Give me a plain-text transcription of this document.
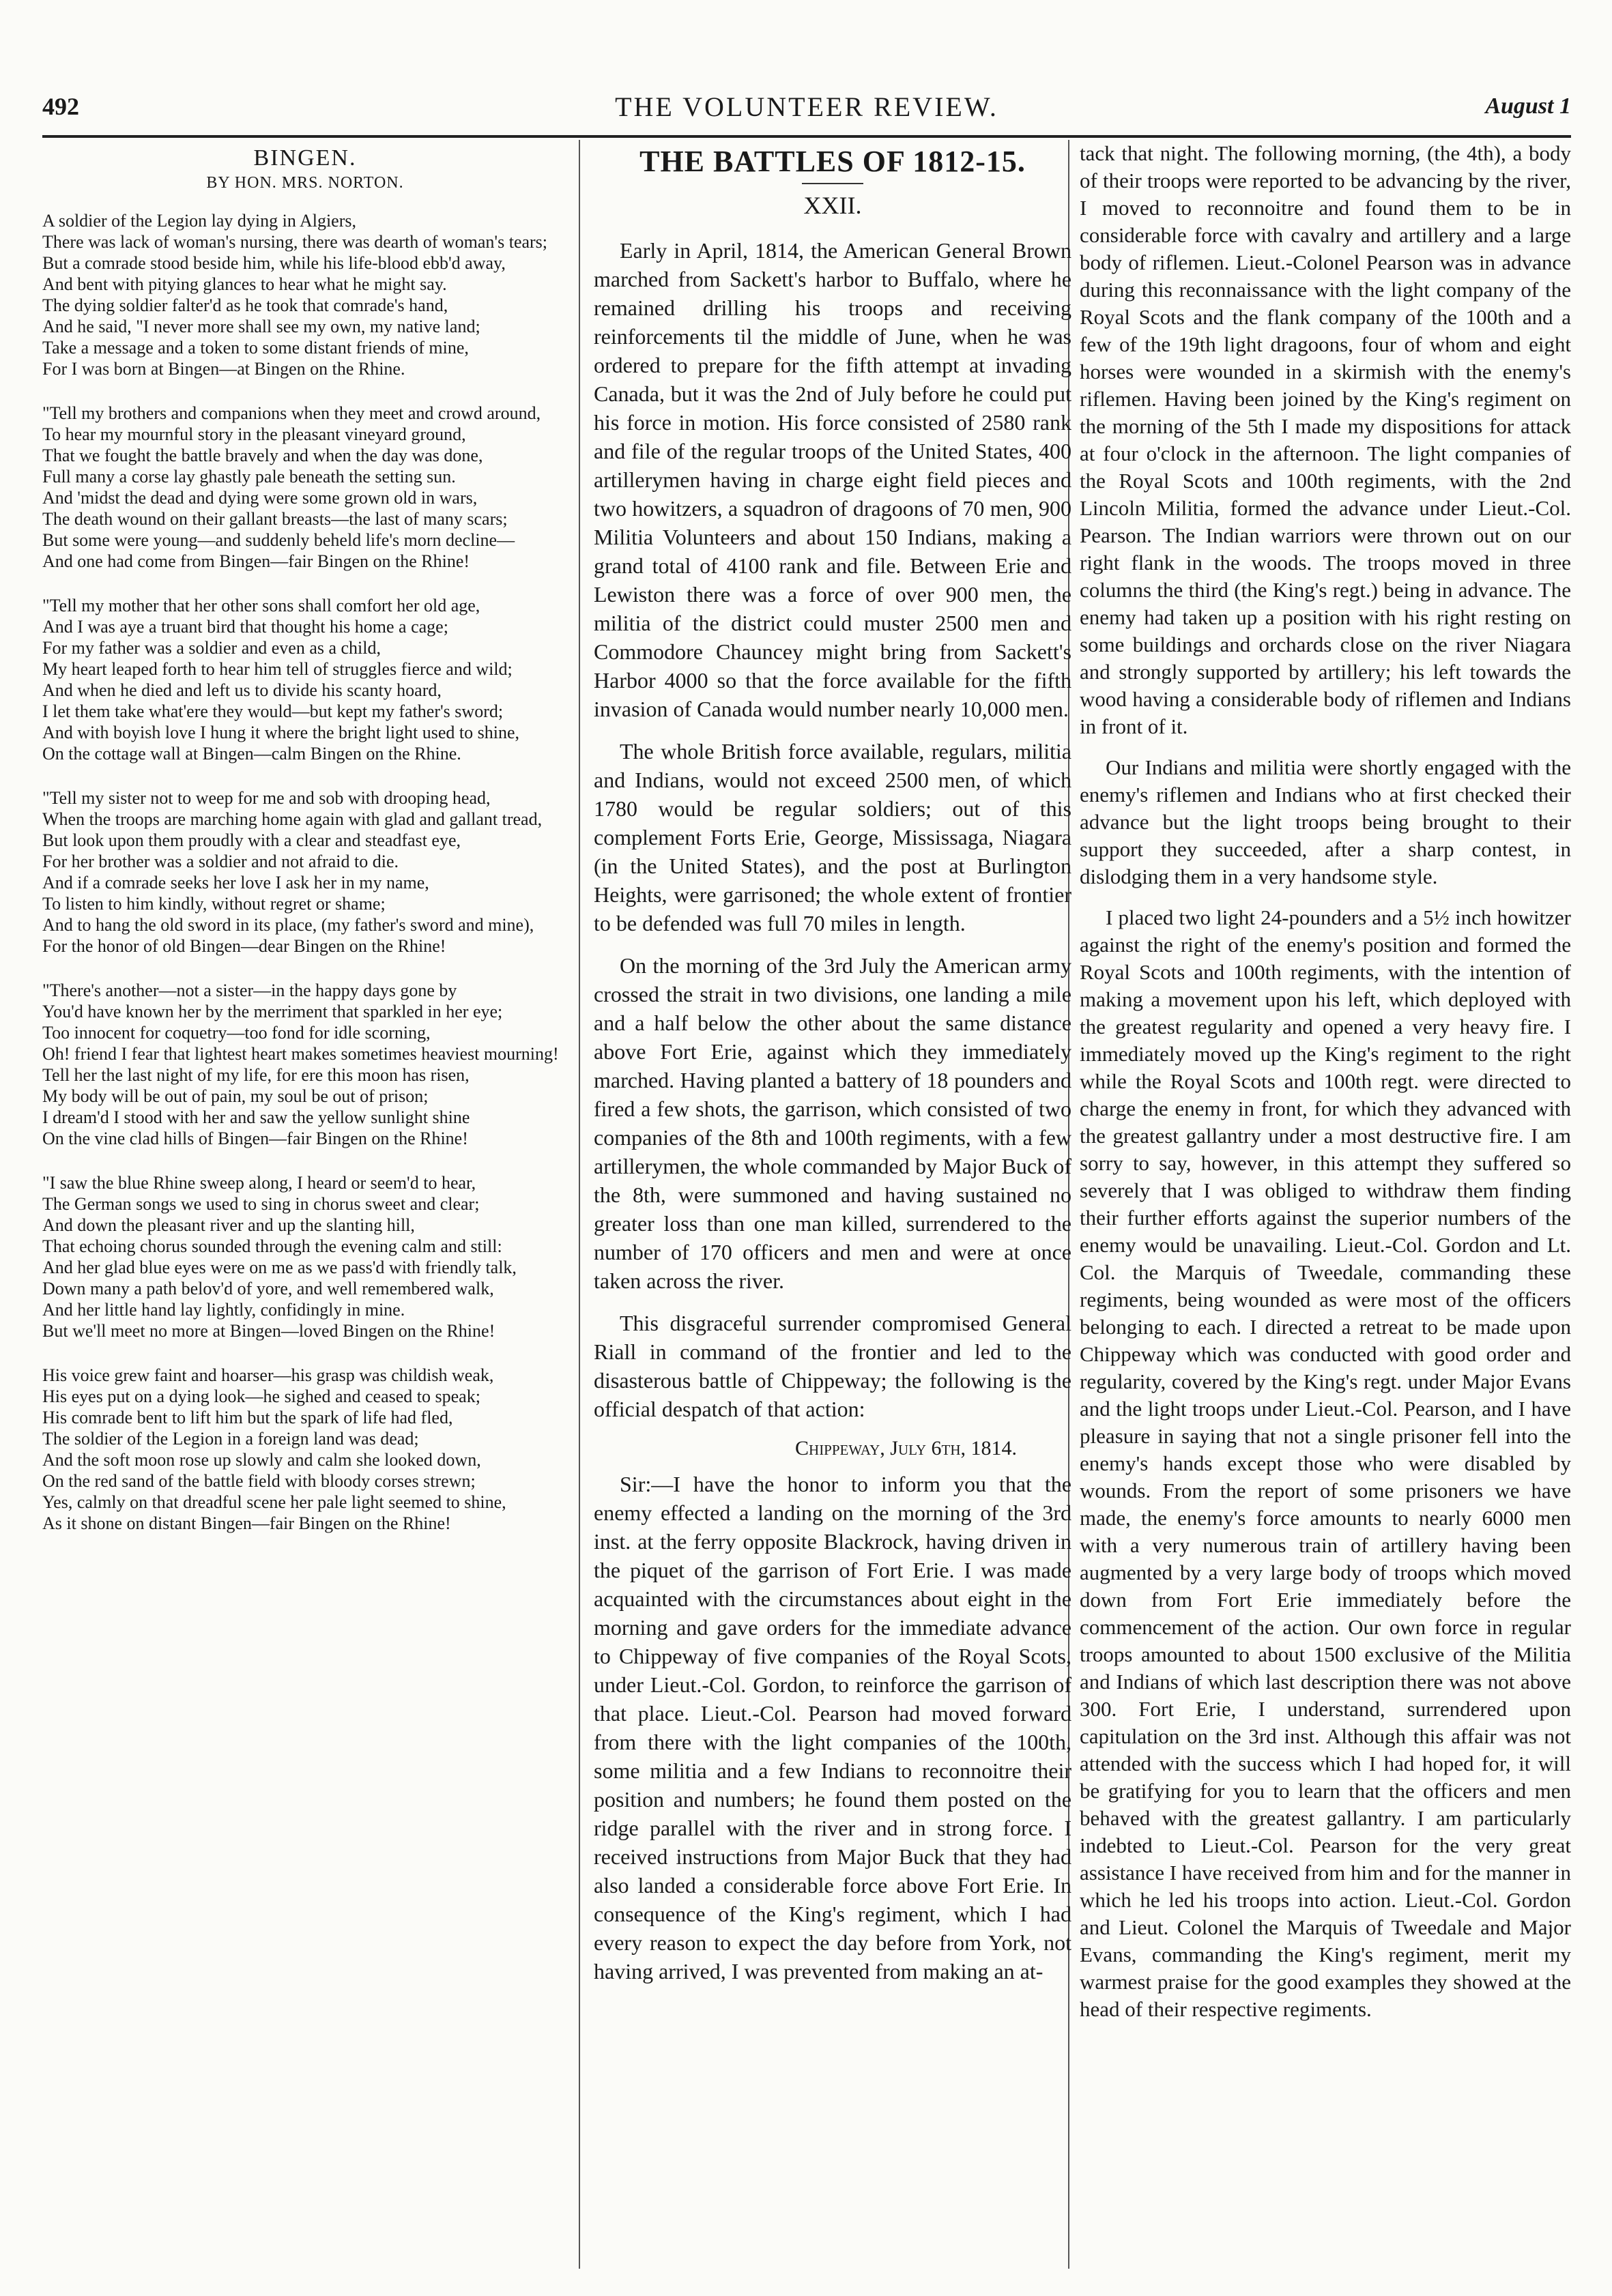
492	THE VOLUNTEER REVIEW.	August 1
BINGEN.
BY HON. MRS. NORTON.

A soldier of the Legion lay dying in Algiers,

There was lack of woman's nursing, there was dearth of woman's tears;

But a comrade stood beside him, while his life-blood ebb'd away,

And bent with pitying glances to hear what he might say.

The dying soldier falter'd as he took that comrade's hand,

And he said, "I never more shall see my own, my native land;

Take a message and a token to some distant friends of mine,

For I was born at Bingen—at Bingen on the Rhine.

"Tell my brothers and companions when they meet and crowd around,

To hear my mournful story in the pleasant vineyard ground,

That we fought the battle bravely and when the day was done,

Full many a corse lay ghastly pale beneath the setting sun.

And 'midst the dead and dying were some grown old in wars,

The death wound on their gallant breasts—the last of many scars;

But some were young—and suddenly beheld life's morn decline—

And one had come from Bingen—fair Bingen on the Rhine!

"Tell my mother that her other sons shall comfort her old age,

And I was aye a truant bird that thought his home a cage;

For my father was a soldier and even as a child,

My heart leaped forth to hear him tell of struggles fierce and wild;

And when he died and left us to divide his scanty hoard,

I let them take what'ere they would—but kept my father's sword;

And with boyish love I hung it where the bright light used to shine,

On the cottage wall at Bingen—calm Bingen on the Rhine.

"Tell my sister not to weep for me and sob with drooping head,

When the troops are marching home again with glad and gallant tread,

But look upon them proudly with a clear and steadfast eye,

For her brother was a soldier and not afraid to die.

And if a comrade seeks her love I ask her in my name,

To listen to him kindly, without regret or shame;

And to hang the old sword in its place, (my father's sword and mine),

For the honor of old Bingen—dear Bingen on the Rhine!

"There's another—not a sister—in the happy days gone by

You'd have known her by the merriment that sparkled in her eye;

Too innocent for coquetry—too fond for idle scorning,

Oh! friend I fear that lightest heart makes sometimes heaviest mourning!

Tell her the last night of my life, for ere this moon has risen,

My body will be out of pain, my soul be out of prison;

I dream'd I stood with her and saw the yellow sunlight shine

On the vine clad hills of Bingen—fair Bingen on the Rhine!

"I saw the blue Rhine sweep along, I heard or seem'd to hear,

The German songs we used to sing in chorus sweet and clear;

And down the pleasant river and up the slanting hill,

That echoing chorus sounded through the evening calm and still:

And her glad blue eyes were on me as we pass'd with friendly talk,

Down many a path belov'd of yore, and well remembered walk,

And her little hand lay lightly, confidingly in mine.

But we'll meet no more at Bingen—loved Bingen on the Rhine!

His voice grew faint and hoarser—his grasp was childish weak,

His eyes put on a dying look—he sighed and ceased to speak;

His comrade bent to lift him but the spark of life had fled,

The soldier of the Legion in a foreign land was dead;

And the soft moon rose up slowly and calm she looked down,

On the red sand of the battle field with bloody corses strewn;

Yes, calmly on that dreadful scene her pale light seemed to shine,

As it shone on distant Bingen—fair Bingen on the Rhine!

THE BATTLES OF 1812-15.
XXII.

Early in April, 1814, the American General Brown marched from Sackett's harbor to Buffalo, where he remained drilling his troops and receiving reinforcements til the middle of June, when he was ordered to prepare for the fifth attempt at invading Canada, but it was the 2nd of July before he could put his force in motion. His force consisted of 2580 rank and file of the regular troops of the United States, 400 artillerymen having in charge eight field pieces and two howitzers, a squadron of dragoons of 70 men, 900 Militia Volunteers and about 150 Indians, making a grand total of 4100 rank and file. Between Erie and Lewiston there was a force of over 900 men, the militia of the district could muster 2500 men and Commodore Chauncey might bring from Sackett's Harbor 4000 so that the force available for the fifth invasion of Canada would number nearly 10,000 men.

The whole British force available, regulars, militia and Indians, would not exceed 2500 men, of which 1780 would be regular soldiers; out of this complement Forts Erie, George, Mississaga, Niagara (in the United States), and the post at Burlington Heights, were garrisoned; the whole extent of frontier to be defended was full 70 miles in length.

On the morning of the 3rd July the American army crossed the strait in two divisions, one landing a mile and a half below the other about the same distance above Fort Erie, against which they immediately marched. Having planted a battery of 18 pounders and fired a few shots, the garrison, which consisted of two companies of the 8th and 100th regiments, with a few artillerymen, the whole commanded by Major Buck of the 8th, were summoned and having sustained no greater loss than one man killed, surrendered to the number of 170 officers and men and were at once taken across the river.

This disgraceful surrender compromised General Riall in command of the frontier and led to the disasterous battle of Chippeway; the following is the official despatch of that action:

Chippeway, July 6th, 1814.

Sir:—I have the honor to inform you that the enemy effected a landing on the morning of the 3rd inst. at the ferry opposite Blackrock, having driven in the piquet of the garrison of Fort Erie. I was made acquainted with the circumstances about eight in the morning and gave orders for the immediate advance to Chippeway of five companies of the Royal Scots, under Lieut.-Col. Gordon, to reinforce the garrison of that place. Lieut.-Col. Pearson had moved forward from there with the light companies of the 100th, some militia and a few Indians to reconnoitre their position and numbers; he found them posted on the ridge parallel with the river and in strong force. I received instructions from Major Buck that they had also landed a considerable force above Fort Erie. In consequence of the King's regiment, which I had every reason to expect the day before from York, not having arrived, I was prevented from making an at-

tack that night. The following morning, (the 4th), a body of their troops were reported to be advancing by the river, I moved to reconnoitre and found them to be in considerable force with cavalry and artillery and a large body of riflemen. Lieut.-Colonel Pearson was in advance during this reconnaissance with the light company of the Royal Scots and the flank company of the 100th and a few of the 19th light dragoons, four of whom and eight horses were wounded in a skirmish with the enemy's riflemen. Having been joined by the King's regiment on the morning of the 5th I made my dispositions for attack at four o'clock in the afternoon. The light companies of the Royal Scots and 100th regiments, with the 2nd Lincoln Militia, formed the advance under Lieut.-Col. Pearson. The Indian warriors were thrown out on our right flank in the woods. The troops moved in three columns the third (the King's regt.) being in advance. The enemy had taken up a position with his right resting on some buildings and orchards close on the river Niagara and strongly supported by artillery; his left towards the wood having a considerable body of riflemen and Indians in front of it.

Our Indians and militia were shortly engaged with the enemy's riflemen and Indians who at first checked their advance but the light troops being brought to their support they succeeded, after a sharp contest, in dislodging them in a very handsome style.

I placed two light 24-pounders and a 5½ inch howitzer against the right of the enemy's position and formed the Royal Scots and 100th regiments, with the intention of making a movement upon his left, which deployed with the greatest regularity and opened a very heavy fire. I immediately moved up the King's regiment to the right while the Royal Scots and 100th regt. were directed to charge the enemy in front, for which they advanced with the greatest gallantry under a most destructive fire. I am sorry to say, however, in this attempt they suffered so severely that I was obliged to withdraw them finding their further efforts against the superior numbers of the enemy would be unavailing. Lieut.-Col. Gordon and Lt. Col. the Marquis of Tweedale, commanding these regiments, being wounded as were most of the officers belonging to each. I directed a retreat to be made upon Chippeway which was conducted with good order and regularity, covered by the King's regt. under Major Evans and the light troops under Lieut.-Col. Pearson, and I have pleasure in saying that not a single prisoner fell into the enemy's hands except those who were disabled by wounds. From the report of some prisoners we have made, the enemy's force amounts to nearly 6000 men with a very numerous train of artillery having been augmented by a very large body of troops which moved down from Fort Erie immediately before the commencement of the action. Our own force in regular troops amounted to about 1500 exclusive of the Militia and Indians of which last description there was not above 300. Fort Erie, I understand, surrendered upon capitulation on the 3rd inst. Although this affair was not attended with the success which I had hoped for, it will be gratifying for you to learn that the officers and men behaved with the greatest gallantry. I am particularly indebted to Lieut.-Col. Pearson for the very great assistance I have received from him and for the manner in which he led his troops into action. Lieut.-Col. Gordon and Lieut. Colonel the Marquis of Tweedale and Major Evans, commanding the King's regiment, merit my warmest praise for the good examples they showed at the head of their respective regiments.
